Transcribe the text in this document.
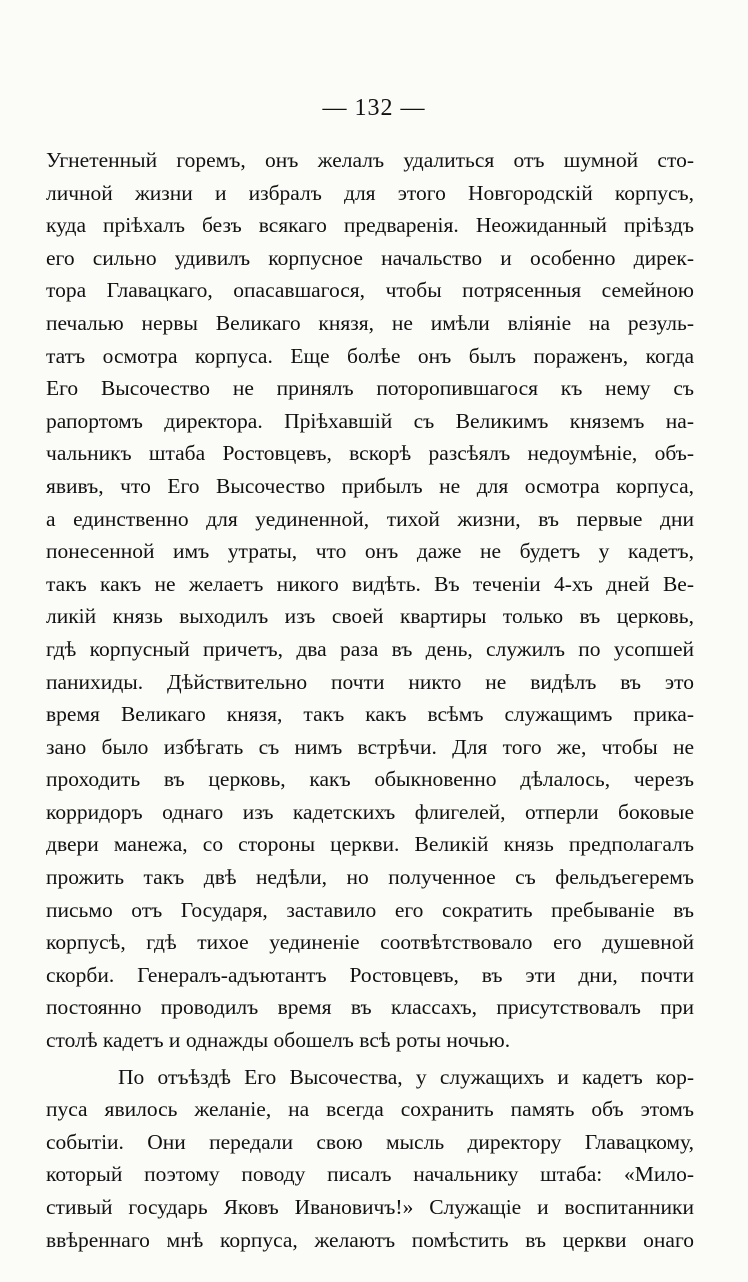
— 132 —
Угнетенный горемъ, онъ желалъ удалиться отъ шумной сто-
личной жизни и избралъ для этого Новгородскій корпусъ,
куда пріѣхалъ безъ всякаго предваренія. Неожиданный пріѣздъ
его сильно удивилъ корпусное начальство и особенно дирек-
тора Главацкаго, опасавшагося, чтобы потрясенныя семейною
печалью нервы Великаго князя, не имѣли вліяніе на резуль-
татъ осмотра корпуса. Еще болѣе онъ былъ пораженъ, когда
Его Высочество не принялъ поторопившагося къ нему съ
рапортомъ директора. Пріѣхавшій съ Великимъ княземъ на-
чальникъ штаба Ростовцевъ, вскорѣ разсѣялъ недоумѣніе, объ-
явивъ, что Его Высочество прибылъ не для осмотра корпуса,
а единственно для уединенной, тихой жизни, въ первые дни
понесенной имъ утраты, что онъ даже не будетъ у кадетъ,
такъ какъ не желаетъ никого видѣть. Въ теченіи 4-хъ дней Ве-
ликій князь выходилъ изъ своей квартиры только въ церковь,
гдѣ корпусный причетъ, два раза въ день, служилъ по усопшей
панихиды. Дѣйствительно почти никто не видѣлъ въ это
время Великаго князя, такъ какъ всѣмъ служащимъ прика-
зано было избѣгать съ нимъ встрѣчи. Для того же, чтобы не
проходить въ церковь, какъ обыкновенно дѣлалось, черезъ
корридоръ однаго изъ кадетскихъ флигелей, отперли боковые
двери манежа, со стороны церкви. Великій князь предполагалъ
прожить такъ двѣ недѣли, но полученное съ фельдъегеремъ
письмо отъ Государя, заставило его сократить пребываніе въ
корпусѣ, гдѣ тихое уединеніе соотвѣтствовало его душевной
скорби. Генералъ-адъютантъ Ростовцевъ, въ эти дни, почти
постоянно проводилъ время въ классахъ, присутствовалъ при
столѣ кадетъ и однажды обошелъ всѣ роты ночью.
По отъѣздѣ Его Высочества, у служащихъ и кадетъ кор-
пуса явилось желаніе, на всегда сохранить память объ этомъ
событіи. Они передали свою мысль директору Главацкому,
который поэтому поводу писалъ начальнику штаба: «Мило-
стивый государь Яковъ Ивановичъ!» Служащіе и воспитанники
ввѣреннаго мнѣ корпуса, желаютъ помѣстить въ церкви онаго
